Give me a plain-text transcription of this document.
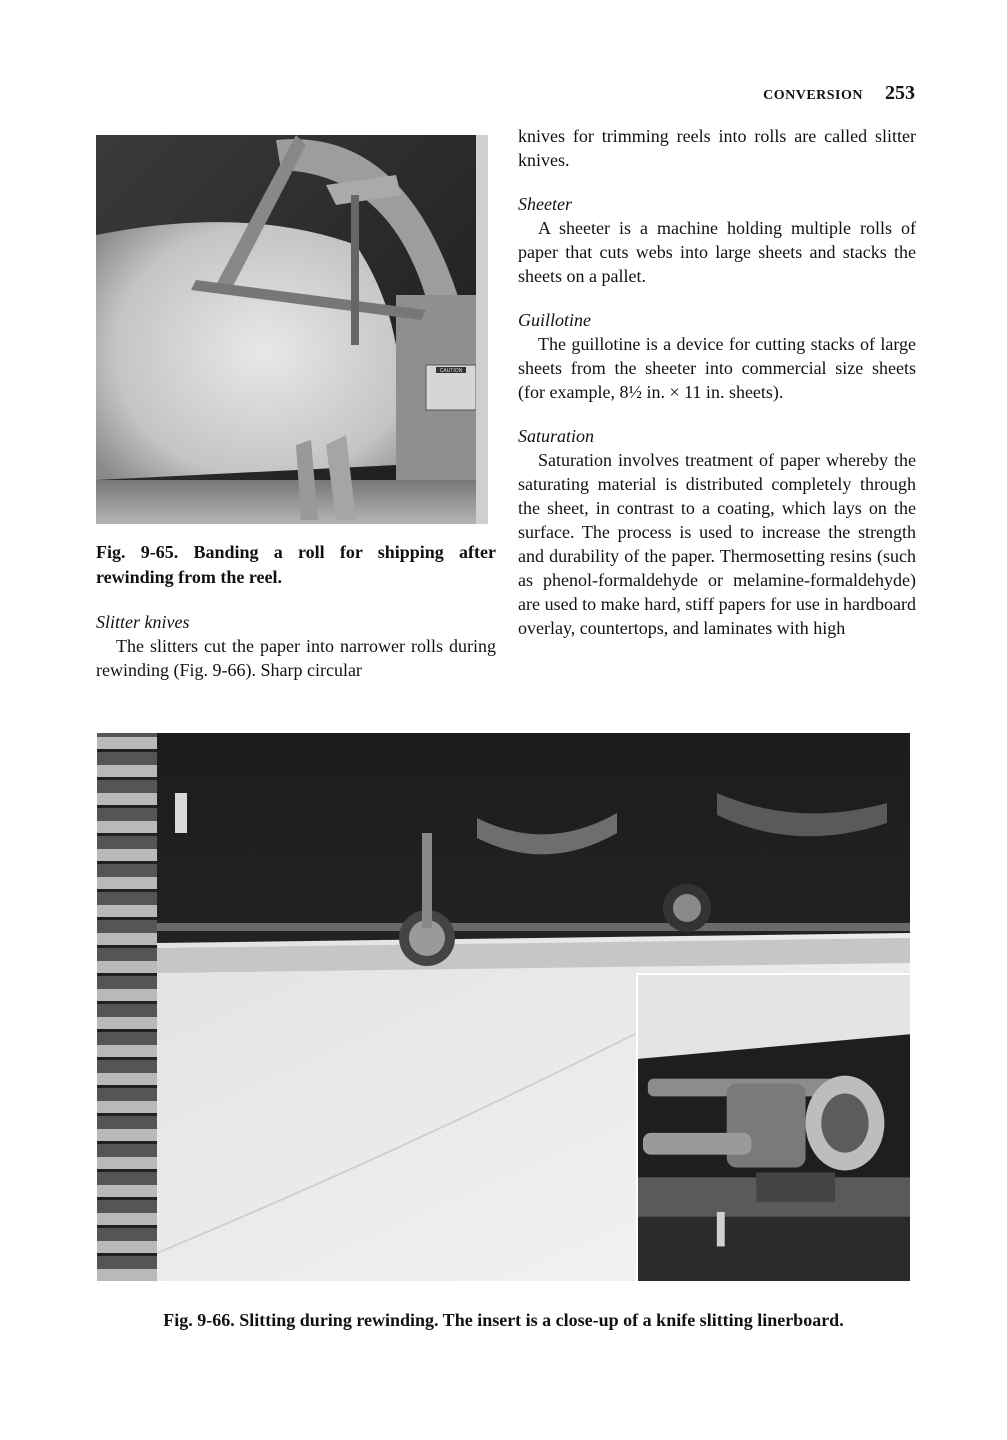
CONVERSION 253
CAUTION
Fig. 9-65. Banding a roll for shipping after rewinding from the reel.
Slitter knives

The slitters cut the paper into narrower rolls during rewinding (Fig. 9-66). Sharp circular

knives for trimming reels into rolls are called slitter knives.

Sheeter

A sheeter is a machine holding multiple rolls of paper that cuts webs into large sheets and stacks the sheets on a pallet.

Guillotine

The guillotine is a device for cutting stacks of large sheets from the sheeter into commercial size sheets (for example, 8½ in. × 11 in. sheets).

Saturation

Saturation involves treatment of paper whereby the saturating material is distributed completely through the sheet, in contrast to a coating, which lays on the surface. The process is used to increase the strength and durability of the paper. Thermosetting resins (such as phenol-formaldehyde or melamine-formaldehyde) are used to make hard, stiff papers for use in hardboard overlay, countertops, and laminates with high

Fig. 9-66. Slitting during rewinding. The insert is a close-up of a knife slitting linerboard.
